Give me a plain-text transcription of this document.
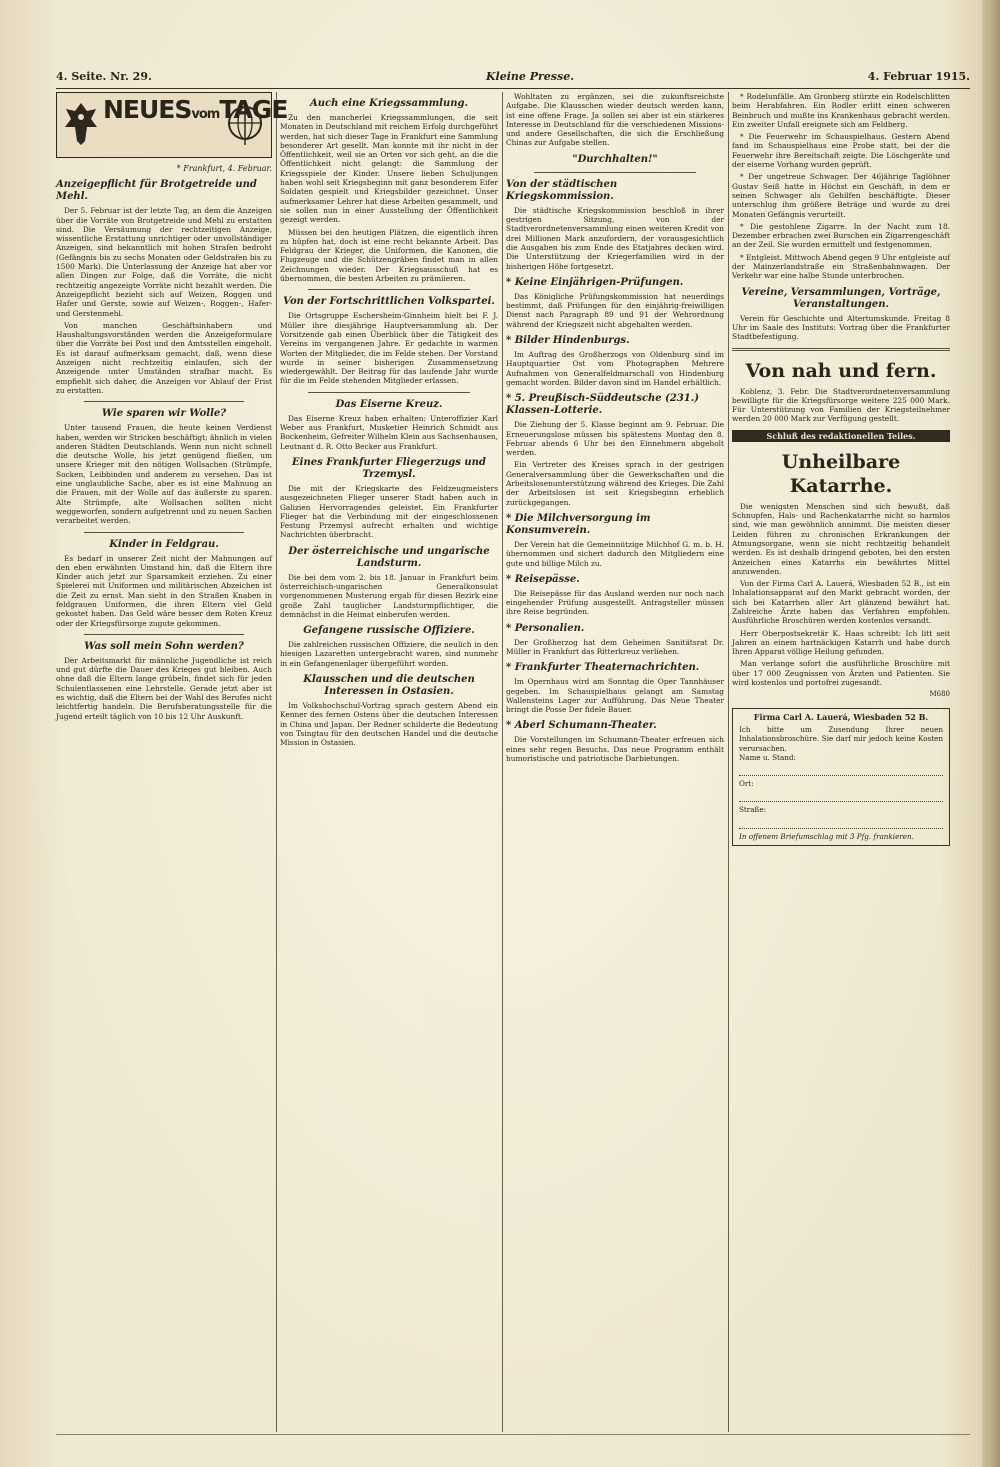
4. Seite. Nr. 29.	Kleine Presse.	4. Februar 1915.
NEUESvomTAGE
* Frankfurt, 4. Februar.
Anzeigepflicht für Brotgetreide und Mehl.

Der 5. Februar ist der letzte Tag, an dem die Anzeigen über die Vorräte von Brotgetreide und Mehl zu erstatten sind. Die Versäumung der rechtzeitigen Anzeige, wissentliche Erstattung unrichtiger oder unvollständiger Anzeigen, sind bekanntlich mit hohen Strafen bedroht (Gefängnis bis zu sechs Monaten oder Geldstrafen bis zu 1500 Mark). Die Unterlassung der Anzeige hat aber vor allen Dingen zur Folge, daß die Vorräte, die nicht rechtzeitig angezeigte Vorräte nicht bezahlt werden. Die Anzeigepflicht bezieht sich auf Weizen, Roggen und Hafer und Gerste, sowie auf Weizen-, Roggen-, Hafer- und Gerstenmehl.

Von manchen Geschäftsinhabern und Haushaltungsvorständen werden die Anzeigeformulare über die Vorräte bei Post und den Amtsstellen eingeholt. Es ist darauf aufmerksam gemacht, daß, wenn diese Anzeigen nicht rechtzeitig einlaufen, sich der Anzeigende unter Umständen strafbar macht. Es empfiehlt sich daher, die Anzeigen vor Ablauf der Frist zu erstatten.

Wie sparen wir Wolle?

Unter tausend Frauen, die heute keinen Verdienst haben, werden wir Stricken beschäftigt; ähnlich in vielen anderen Städten Deutschlands. Wenn nun nicht schnell die deutsche Wolle, bis jetzt genügend fließen, um unsere Krieger mit den nötigen Wollsachen (Strümpfe, Socken, Leibbinden und anderem zu versehen. Das ist eine unglaubliche Sache, aber es ist eine Mahnung an die Frauen, mit der Wolle auf das äußerste zu sparen. Alte Strümpfe, alte Wollsachen sollten nicht weggeworfen, sondern aufgetrennt und zu neuen Sachen verarbeitet werden.

Kinder in Feldgrau.

Es bedarf in unserer Zeit nicht der Mahnungen auf den eben erwähnten Umstand hin, daß die Eltern ihre Kinder auch jetzt zur Sparsamkeit erziehen. Zu einer Spielerei mit Uniformen und militärischen Abzeichen ist die Zeit zu ernst. Man sieht in den Straßen Knaben in feldgrauen Uniformen, die ihren Eltern viel Geld gekostet haben. Das Geld wäre besser dem Roten Kreuz oder der Kriegsfürsorge zugute gekommen.

Was soll mein Sohn werden?

Der Arbeitsmarkt für männliche Jugendliche ist reich und gut dürfte die Dauer des Krieges gut bleiben. Auch ohne daß die Eltern lange grübeln, findet sich für jeden Schulentlassenen eine Lehrstelle. Gerade jetzt aber ist es wichtig, daß die Eltern bei der Wahl des Berufes nicht leichtfertig handeln. Die Berufsberatungsstelle für die Jugend erteilt täglich von 10 bis 12 Uhr Auskunft.

Auch eine Kriegssammlung.

Zu den mancherlei Kriegssammlungen, die seit Monaten in Deutschland mit reichem Erfolg durchgeführt werden, hat sich dieser Tage in Frankfurt eine Sammlung besonderer Art gesellt. Man konnte mit ihr nicht in der Öffentlichkeit, weil sie an Orten vor sich geht, an die die Öffentlichkeit nicht gelangt: die Sammlung der Kriegsspiele der Kinder. Unsere lieben Schuljungen haben wohl seit Kriegsbeginn mit ganz besonderem Eifer Soldaten gespielt und Kriegsbilder gezeichnet. Unser aufmerksamer Lehrer hat diese Arbeiten gesammelt, und sie sollen nun in einer Ausstellung der Öffentlichkeit gezeigt werden.

Müssen bei den heutigen Plätzen, die eigentlich ihren zu hüpfen hat, doch ist eine recht bekannte Arbeit. Das Feldgrau der Krieger, die Uniformen, die Kanonen, die Flugzeuge und die Schützengräben findet man in allen Zeichnungen wieder. Der Kriegsausschuß hat es übernommen, die besten Arbeiten zu prämiieren.

Von der Fortschrittlichen Volkspartei.

Die Ortsgruppe Eschersheim-Ginnheim hielt bei F. J. Müller ihre diesjährige Hauptversammlung ab. Der Vorsitzende gab einen Überblick über die Tätigkeit des Vereins im vergangenen Jahre. Er gedachte in warmen Worten der Mitglieder, die im Felde stehen. Der Vorstand wurde in seiner bisherigen Zusammensetzung wiedergewählt. Der Beitrag für das laufende Jahr wurde für die im Felde stehenden Mitglieder erlassen.

Das Eiserne Kreuz.

Das Eiserne Kreuz haben erhalten: Unteroffizier Karl Weber aus Frankfurt, Musketier Heinrich Schmidt aus Bockenheim, Gefreiter Wilhelm Klein aus Sachsenhausen, Leutnant d. R. Otto Becker aus Frankfurt.

Eines Frankfurter Fliegerzugs und Trzemysl.

Die mit der Kriegskarte des Feldzeugmeisters ausgezeichneten Flieger unserer Stadt haben auch in Galizien Hervorragendes geleistet. Ein Frankfurter Flieger hat die Verbindung mit der eingeschlossenen Festung Przemysl aufrecht erhalten und wichtige Nachrichten überbracht.

Der österreichische und ungarische Landsturm.

Die bei dem vom 2. bis 18. Januar in Frankfurt beim österreichisch-ungarischen Generalkonsulat vorgenommenen Musterung ergab für diesen Bezirk eine große Zahl tauglicher Landsturmpflichtiger, die demnächst in die Heimat einberufen werden.

Gefangene russische Offiziere.

Die zahlreichen russischen Offiziere, die neulich in den hiesigen Lazaretten untergebracht waren, sind nunmehr in ein Gefangenenlager übergeführt worden.

Klausschen und die deutschen Interessen in Ostasien.

Im Volkshochschul-Vortrag sprach gestern Abend ein Kenner des fernen Ostens über die deutschen Interessen in China und Japan. Der Redner schilderte die Bedeutung von Tsingtau für den deutschen Handel und die deutsche Mission in Ostasien.

Wohltaten zu ergänzen, sei die zukunftsreichste Aufgabe. Die Klausschen wieder deutsch werden kann, ist eine offene Frage. Ja sollen sei aber ist ein stärkeres Interesse in Deutschland für die verschiedenen Missions- und andere Gesellschaften, die sich die Erschließung Chinas zur Aufgabe stellen.

"Durchhalten!"
Von der städtischen Kriegskommission.

Die städtische Kriegskommission beschloß in ihrer gestrigen Sitzung, von der Stadtverordnetenversammlung einen weiteren Kredit von drei Millionen Mark anzufordern, der vorausgesichtlich die Ausgaben bis zum Ende des Etatjahres decken wird. Die Unterstützung der Kriegerfamilien wird in der bisherigen Höhe fortgesetzt.

* Keine Einjährigen-Prüfungen.

Das Königliche Prüfungskommission hat neuerdings bestimmt, daß Prüfungen für den einjährig-freiwilligen Dienst nach Paragraph 89 und 91 der Wehrordnung während der Kriegszeit nicht abgehalten werden.

* Bilder Hindenburgs.

Im Auftrag des Großherzogs von Oldenburg sind im Hauptquartier Ost vom Photographen Mehrere Aufnahmen von Generalfeldmarschall von Hindenburg gemacht worden. Bilder davon sind im Handel erhältlich.

* 5. Preußisch-Süddeutsche (231.) Klassen-Lotterie.

Die Ziehung der 5. Klasse beginnt am 9. Februar. Die Erneuerungslose müssen bis spätestens Montag den 8. Februar abends 6 Uhr bei den Einnehmern abgeholt werden.

Ein Vertreter des Kreises sprach in der gestrigen Generalversammlung über die Gewerkschaften und die Arbeitslosenunterstützung während des Krieges. Die Zahl der Arbeitslosen ist seit Kriegsbeginn erheblich zurückgegangen.

* Die Milchversorgung im Konsumverein.

Der Verein hat die Gemeinnützige Milchhof G. m. b. H. übernommen und sichert dadurch den Mitgliedern eine gute und billige Milch zu.

* Reisepässe.

Die Reisepässe für das Ausland werden nur noch nach eingehender Prüfung ausgestellt. Antragsteller müssen ihre Reise begründen.

* Personalien.

Der Großherzog hat dem Geheimen Sanitätsrat Dr. Müller in Frankfurt das Ritterkreuz verliehen.

* Frankfurter Theaternachrichten.

Im Opernhaus wird am Sonntag die Oper Tannhäuser gegeben. Im Schauspielhaus gelangt am Samstag Wallensteins Lager zur Aufführung. Das Neue Theater bringt die Posse Der fidele Bauer.

* Aberl Schumann-Theater.

Die Vorstellungen im Schumann-Theater erfreuen sich eines sehr regen Besuchs. Das neue Programm enthält humoristische und patriotische Darbietungen.

* Rodelunfälle. Am Gronberg stürzte ein Rodelschlitten beim Herabfahren. Ein Rodler erlitt einen schweren Beinbruch und mußte ins Krankenhaus gebracht werden. Ein zweiter Unfall ereignete sich am Feldberg.

* Die Feuerwehr im Schauspielhaus. Gestern Abend fand im Schauspielhaus eine Probe statt, bei der die Feuerwehr ihre Bereitschaft zeigte. Die Löschgeräte und der eiserne Vorhang wurden geprüft.

* Der ungetreue Schwager. Der 46jährige Taglöhner Gustav Seiß hatte in Höchst ein Geschäft, in dem er seinen Schwager als Gehilfen beschäftigte. Dieser unterschlug ihm größere Beträge und wurde zu drei Monaten Gefängnis verurteilt.

* Die gestohlene Zigarre. In der Nacht zum 18. Dezember erbrachen zwei Burschen ein Zigarrengeschäft an der Zeil. Sie wurden ermittelt und festgenommen.

* Entgleist. Mittwoch Abend gegen 9 Uhr entgleiste auf der Mainzerlandstraße ein Straßenbahnwagen. Der Verkehr war eine halbe Stunde unterbrochen.

Vereine, Versammlungen, Vorträge, Veranstaltungen.

Verein für Geschichte und Altertumskunde. Freitag 8 Uhr im Saale des Instituts: Vortrag über die Frankfurter Stadtbefestigung.

Von nah und fern.

Koblenz, 3. Febr. Die Stadtverordnetenversammlung bewilligte für die Kriegsfürsorge weitere 225 000 Mark. Für Unterstützung von Familien der Kriegsteilnehmer werden 20 000 Mark zur Verfügung gestellt.

Schluß des redaktionellen Teiles.
Unheilbare Katarrhe.

Die wenigsten Menschen sind sich bewußt, daß Schnupfen, Hals- und Rachenkatarrhe nicht so harmlos sind, wie man gewöhnlich annimmt. Die meisten dieser Leiden führen zu chronischen Erkrankungen der Atmungsorgane, wenn sie nicht rechtzeitig behandelt werden. Es ist deshalb dringend geboten, bei den ersten Anzeichen eines Katarrhs ein bewährtes Mittel anzuwenden.

Von der Firma Carl A. Lauerá, Wiesbaden 52 B., ist ein Inhalationsapparat auf den Markt gebracht worden, der sich bei Katarrhen aller Art glänzend bewährt hat. Zahlreiche Ärzte haben das Verfahren empfohlen. Ausführliche Broschüren werden kostenlos versandt.

Herr Oberpostsekretär K. Haas schreibt: Ich litt seit Jahren an einem hartnäckigen Katarrh und habe durch Ihren Apparat völlige Heilung gefunden.

Man verlange sofort die ausführliche Broschüre mit über 17 000 Zeugnissen von Ärzten und Patienten. Sie wird kostenlos und portofrei zugesandt.

M680
Firma Carl A. Lauerá, Wiesbaden 52 B.
Ich bitte um Zusendung Ihrer neuen Inhalationsbroschüre. Sie darf mir jedoch keine Kosten verursachen.
Name u. Stand:
Ort:
Straße:
In offenem Briefumschlag mit 3 Pfg. frankieren.
